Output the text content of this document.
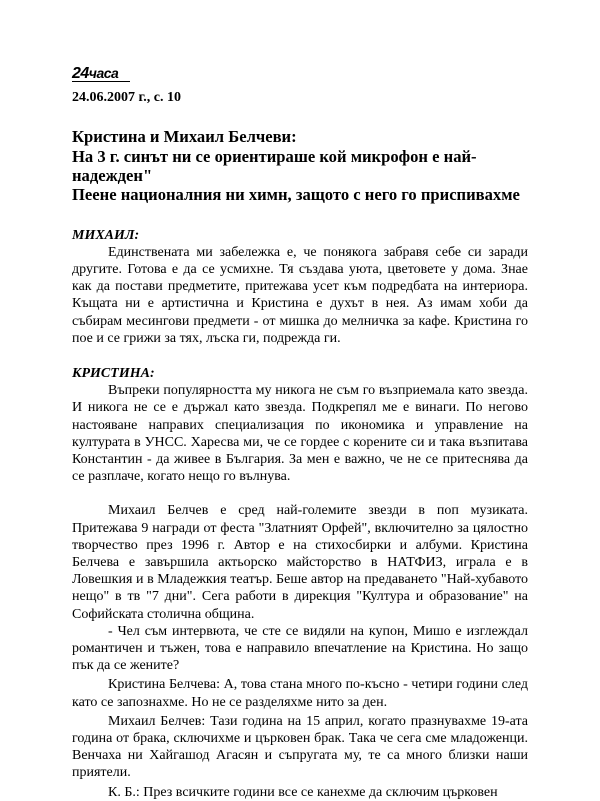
24часа
24.06.2007 г., с. 10
Кристина и Михаил Белчеви:
На 3 г. синът ни се ориентираше кой микрофон е най-
надежден"
Пеене националния ни химн, защото с него го приспивахме
МИХАИЛ:

Единствената ми забележка е, че понякога забравя себе си заради другите. Готова е да се усмихне. Тя създава уюта, цветовете у дома. Знае как да постави предметите, притежава усет към подредбата на интериора. Къщата ни е артистична и Кристина е духът в нея. Аз имам хоби да събирам месингови предмети - от мишка до мелничка за кафе. Кристина го пое и се грижи за тях, лъска ги, подрежда ги.

КРИСТИНА:

Въпреки популярността му никога не съм го възприемала като звезда. И никога не се е държал като звезда. Подкрепял ме е винаги. По негово настояване направих специализация по икономика и управление на културата в УНСС. Харесва ми, че се гордее с корените си и така възпитава Константин - да живее в България. За мен е важно, че не се притеснява да се разплаче, когато нещо го вълнува.

Михаил Белчев е сред най-големите звезди в поп музиката. Притежава 9 награди от феста "Златният Орфей", включително за цялостно творчество през 1996 г. Автор е на стихосбирки и албуми. Кристина Белчева е завършила актьорско майсторство в НАТФИЗ, играла е в Ловешкия и в Младежкия театър. Беше автор на предаването "Най-хубавото нещо" в тв "7 дни". Сега работи в дирекция "Култура и образование" на Софийската столична община.

- Чел съм интервюта, че сте се видяли на купон, Мишо е изглеждал романтичен и тъжен, това е направило впечатление на Кристина. Но защо пък да се жените?

Кристина Белчева: А, това стана много по-късно - четири години след като се запознахме. Но не се разделяхме нито за ден.

Михаил Белчев: Тази година на 15 април, когато празнувахме 19-ата година от брака, сключихме и църковен брак. Така че сега сме младоженци. Венчаха ни Хайгашод Агасян и съпругата му, те са много близки наши приятели.

К. Б.: През всичките години все се канехме да сключим църковен
